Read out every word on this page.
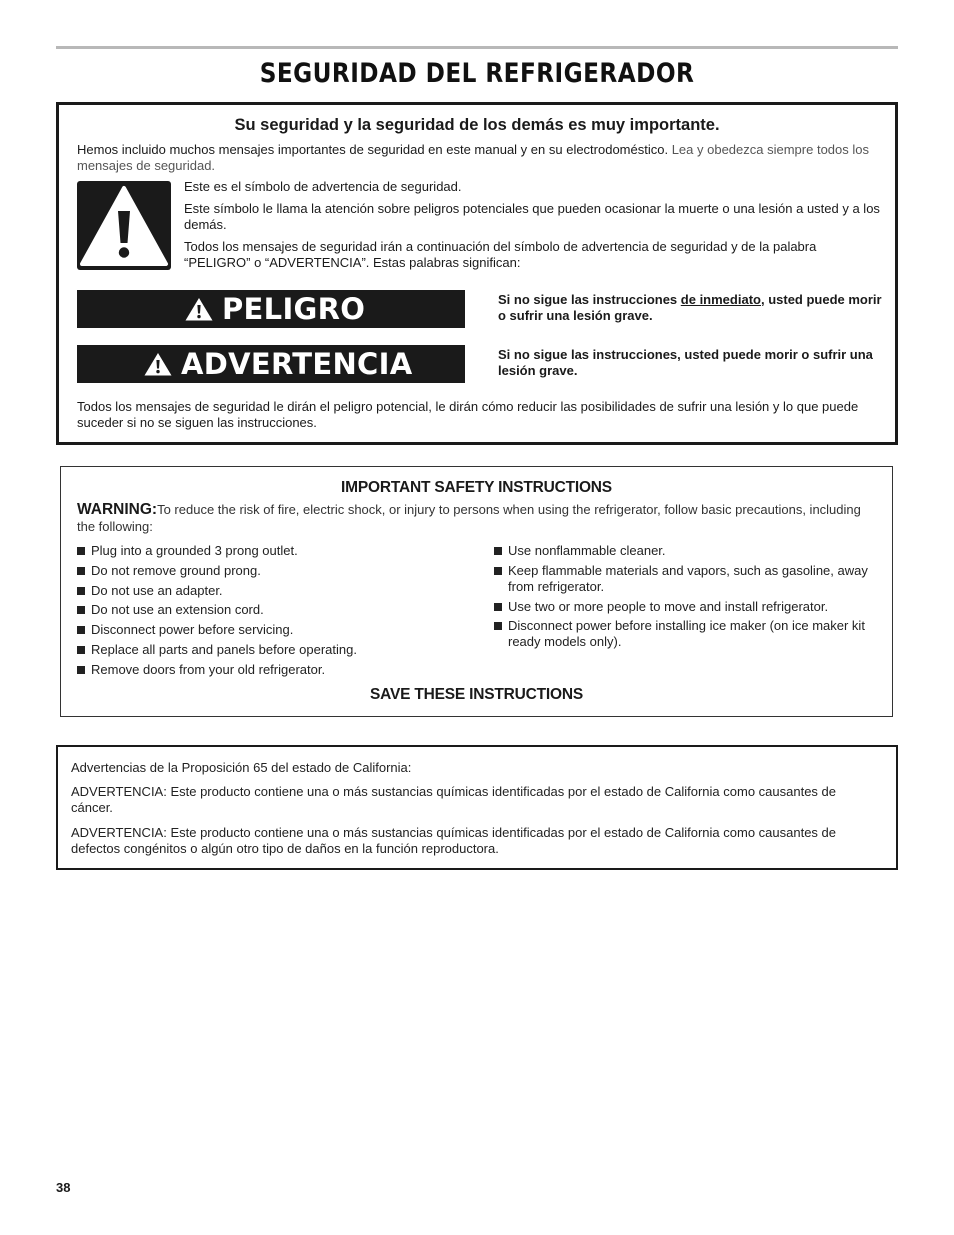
SEGURIDAD DEL REFRIGERADOR

Su seguridad y la seguridad de los demás es muy importante.

Hemos incluido muchos mensajes importantes de seguridad en este manual y en su electrodoméstico. Lea y obedezca siempre todos los mensajes de seguridad.

Este es el símbolo de advertencia de seguridad.

Este símbolo le llama la atención sobre peligros potenciales que pueden ocasionar la muerte o una lesión a usted y a los demás.

Todos los mensajes de seguridad irán a continuación del símbolo de advertencia de seguridad y de la palabra “PELIGRO” o “ADVERTENCIA”. Estas palabras significan:

PELIGRO	Si no sigue las instrucciones de inmediato, usted puede morir o sufrir una lesión grave.

ADVERTENCIA	Si no sigue las instrucciones, usted puede morir o sufrir una lesión grave.

Todos los mensajes de seguridad le dirán el peligro potencial, le dirán cómo reducir las posibilidades de sufrir una lesión y lo que puede suceder si no se siguen las instrucciones.

IMPORTANT SAFETY INSTRUCTIONS

WARNING:To reduce the risk of fire, electric shock, or injury to persons when using the refrigerator, follow basic precautions, including the following:

Plug into a grounded 3 prong outlet.
Do not remove ground prong.
Do not use an adapter.
Do not use an extension cord.
Disconnect power before servicing.
Replace all parts and panels before operating.
Remove doors from your old refrigerator.
Use nonflammable cleaner.
Keep flammable materials and vapors, such as gasoline, away from refrigerator.
Use two or more people to move and install refrigerator.
Disconnect power before installing ice maker (on ice maker kit ready models only).

SAVE THESE INSTRUCTIONS

Advertencias de la Proposición 65 del estado de California:

ADVERTENCIA: Este producto contiene una o más sustancias químicas identificadas por el estado de California como causantes de cáncer.

ADVERTENCIA: Este producto contiene una o más sustancias químicas identificadas por el estado de California como causantes de defectos congénitos o algún otro tipo de daños en la función reproductora.

38
